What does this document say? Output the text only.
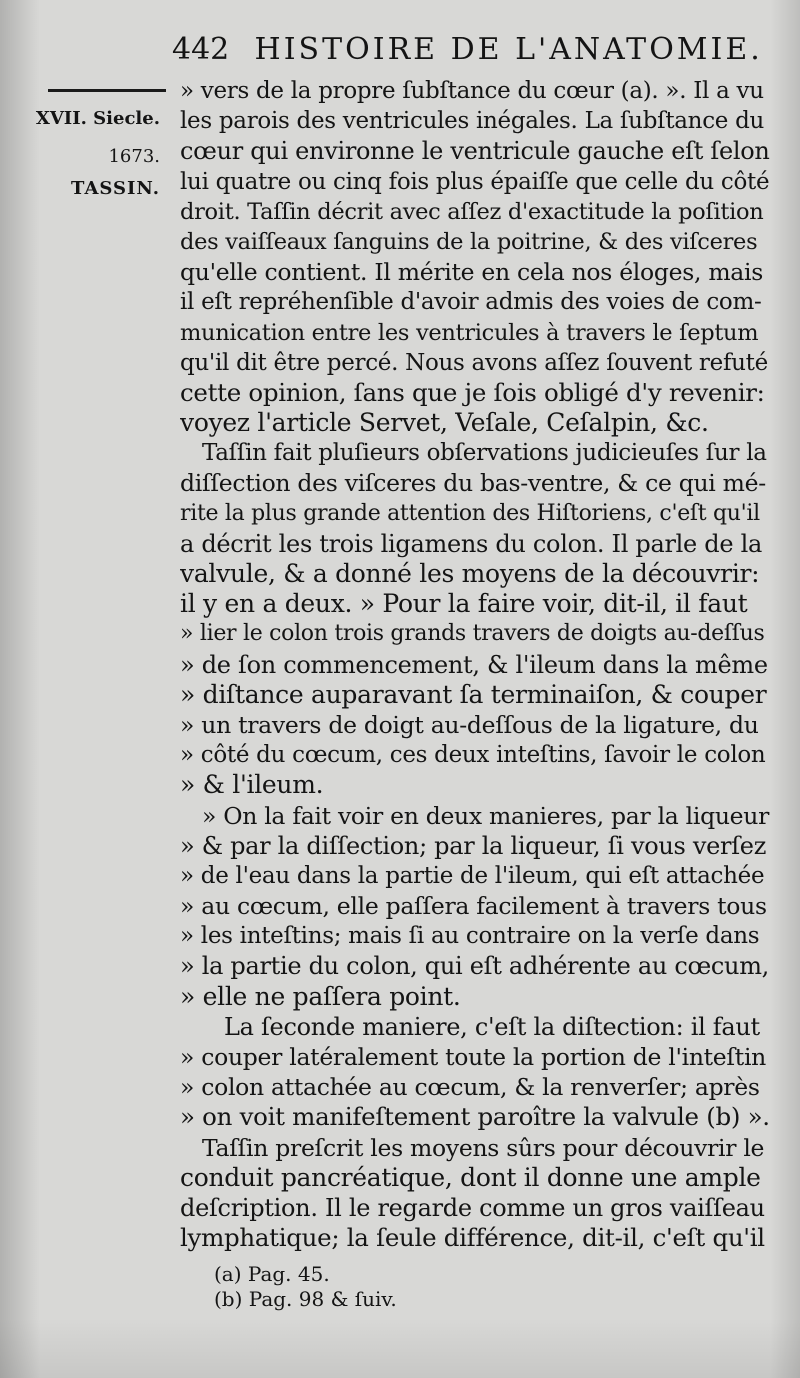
442 HISTOIRE DE L'ANATOMIE.
XVII. Siecle.
1673.
TASSIN.
» vers de la propre ſubſtance du cœur (a). ». Il a vu
les parois des ventricules inégales. La ſubſtance du
cœur qui environne le ventricule gauche eſt ſelon
lui quatre ou cinq fois plus épaiſſe que celle du côté
droit. Taſſin décrit avec aſſez d'exactitude la poſition
des vaiſſeaux ſanguins de la poitrine, & des viſceres
qu'elle contient. Il mérite en cela nos éloges, mais
il eſt repréhenſible d'avoir admis des voies de com-
munication entre les ventricules à travers le ſeptum
qu'il dit être percé. Nous avons aſſez ſouvent refuté
cette opinion, ſans que je ſois obligé d'y revenir:
voyez l'article Servet, Veſale, Ceſalpin, &c.
Taſſin fait pluſieurs obſervations judicieuſes ſur la
diſſection des viſceres du bas-ventre, & ce qui mé-
rite la plus grande attention des Hiſtoriens, c'eſt qu'il
a décrit les trois ligamens du colon. Il parle de la
valvule, & a donné les moyens de la découvrir:
il y en a deux. » Pour la faire voir, dit-il, il faut
» lier le colon trois grands travers de doigts au-deſſus
» de ſon commencement, & l'ileum dans la même
» diſtance auparavant ſa terminaiſon, & couper
» un travers de doigt au-deſſous de la ligature, du
» côté du cœcum, ces deux inteſtins, ſavoir le colon
» & l'ileum.
» On la fait voir en deux manieres, par la liqueur
» & par la diſſection; par la liqueur, ſi vous verſez
» de l'eau dans la partie de l'ileum, qui eſt attachée
» au cœcum, elle paſſera facilement à travers tous
» les inteſtins; mais ſi au contraire on la verſe dans
» la partie du colon, qui eſt adhérente au cœcum,
» elle ne paſſera point.
La ſeconde maniere, c'eſt la diſtection: il faut
» couper latéralement toute la portion de l'inteſtin
» colon attachée au cœcum, & la renverſer; après
» on voit manifeſtement paroître la valvule (b) ».
Taſſin preſcrit les moyens sûrs pour découvrir le
conduit pancréatique, dont il donne une ample
deſcription. Il le regarde comme un gros vaiſſeau
lymphatique; la ſeule différence, dit-il, c'eſt qu'il
(a) Pag. 45.
(b) Pag. 98 & ſuiv.
